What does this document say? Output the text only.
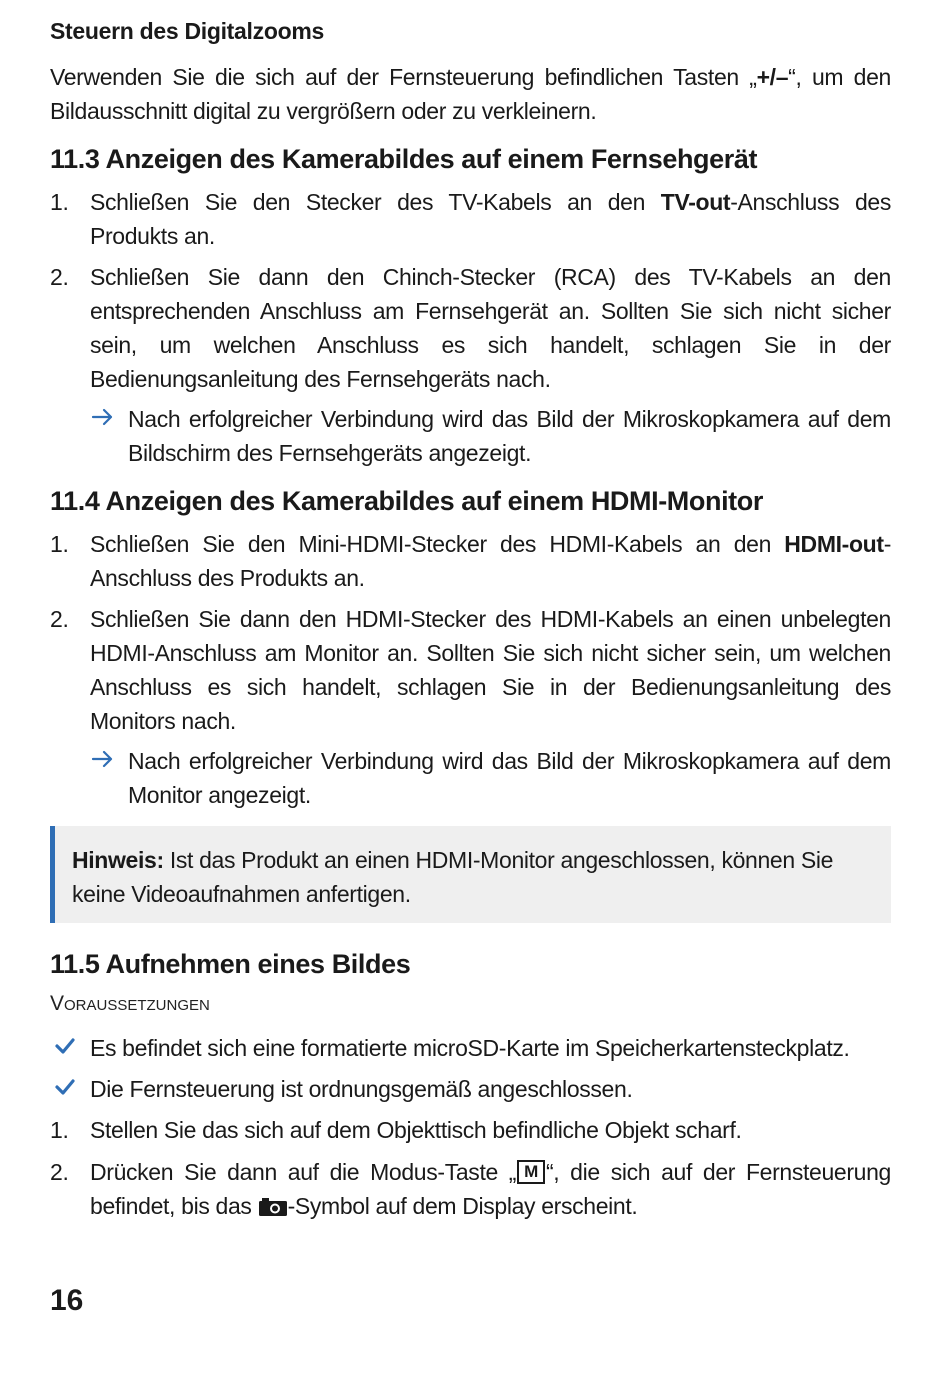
Steuern des Digitalzooms
Verwenden Sie die sich auf der Fernsteuerung befindlichen Tasten „+/–“, um den Bildausschnitt digital zu vergrößern oder zu verkleinern.
11.3 Anzeigen des Kamerabildes auf einem Fernsehgerät
1. Schließen Sie den Stecker des TV-Kabels an den TV-out-Anschluss des Produkts an.
2. Schließen Sie dann den Chinch-Stecker (RCA) des TV-Kabels an den entsprechenden Anschluss am Fernsehgerät an. Sollten Sie sich nicht sicher sein, um welchen Anschluss es sich handelt, schlagen Sie in der Bedienungsanleitung des Fernsehgeräts nach.
Nach erfolgreicher Verbindung wird das Bild der Mikroskopkamera auf dem Bildschirm des Fernsehgeräts angezeigt.
11.4 Anzeigen des Kamerabildes auf einem HDMI-Monitor
1. Schließen Sie den Mini-HDMI-Stecker des HDMI-Kabels an den HDMI-out-Anschluss des Produkts an.
2. Schließen Sie dann den HDMI-Stecker des HDMI-Kabels an einen unbelegten HDMI-Anschluss am Monitor an. Sollten Sie sich nicht sicher sein, um welchen Anschluss es sich handelt, schlagen Sie in der Bedienungsanleitung des Monitors nach.
Nach erfolgreicher Verbindung wird das Bild der Mikroskopkamera auf dem Monitor angezeigt.
Hinweis: Ist das Produkt an einen HDMI-Monitor angeschlossen, können Sie keine Videoaufnahmen anfertigen.
11.5 Aufnehmen eines Bildes
Voraussetzungen
Es befindet sich eine formatierte microSD-Karte im Speicherkartensteckplatz.
Die Fernsteuerung ist ordnungsgemäß angeschlossen.
1. Stellen Sie das sich auf dem Objekttisch befindliche Objekt scharf.
2. Drücken Sie dann auf die Modus-Taste „ M “, die sich auf der Fernsteuerung befindet, bis das -Symbol auf dem Display erscheint.
16
